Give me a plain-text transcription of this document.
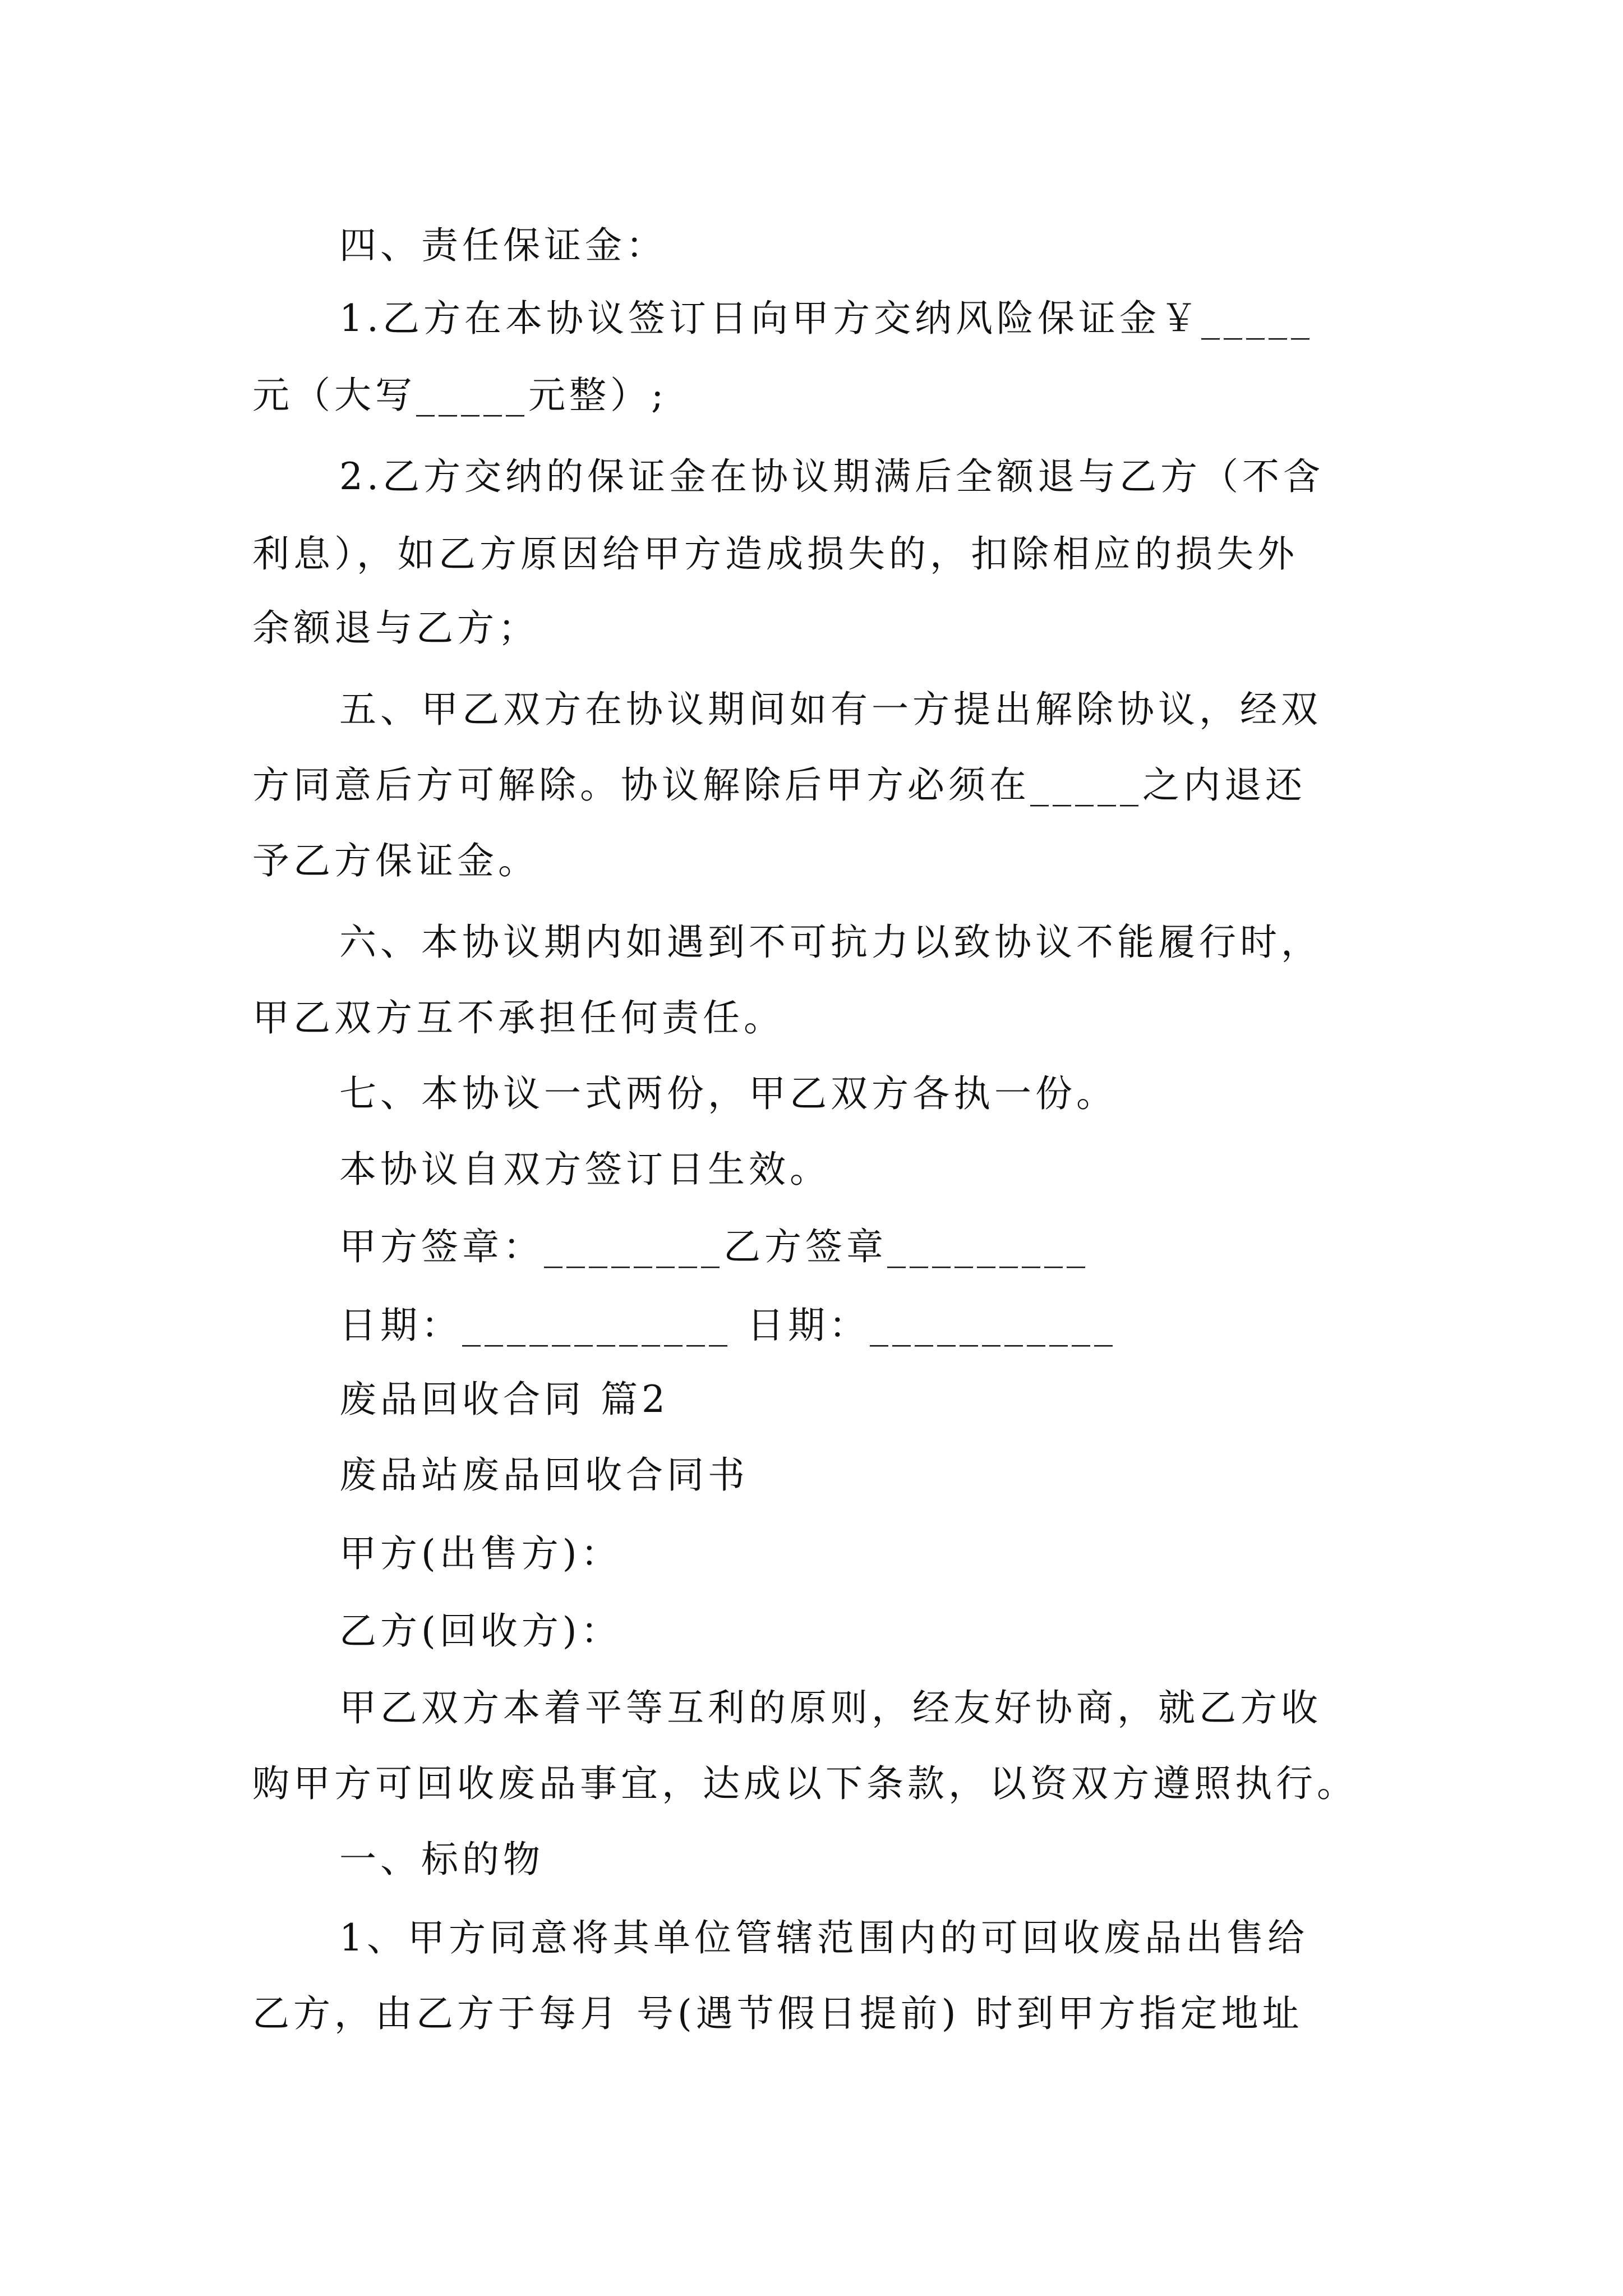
四、责任保证金：
1.乙方在本协议签订日向甲方交纳风险保证金￥_____
元（大写_____元整）;
2.乙方交纳的保证金在协议期满后全额退与乙方（不含
利息），如乙方原因给甲方造成损失的，扣除相应的损失外
余额退与乙方；
五、甲乙双方在协议期间如有一方提出解除协议，经双
方同意后方可解除。协议解除后甲方必须在_____之内退还
予乙方保证金。
六、本协议期内如遇到不可抗力以致协议不能履行时，
甲乙双方互不承担任何责任。
七、本协议一式两份，甲乙双方各执一份。
本协议自双方签订日生效。
甲方签章：________乙方签章_________
日期：____________ 日期：___________
废品回收合同 篇2
废品站废品回收合同书
甲方(出售方)：
乙方(回收方)：
甲乙双方本着平等互利的原则，经友好协商，就乙方收
购甲方可回收废品事宜，达成以下条款，以资双方遵照执行。
一、标的物
1、甲方同意将其单位管辖范围内的可回收废品出售给
乙方，由乙方于每月 号(遇节假日提前) 时到甲方指定地址
